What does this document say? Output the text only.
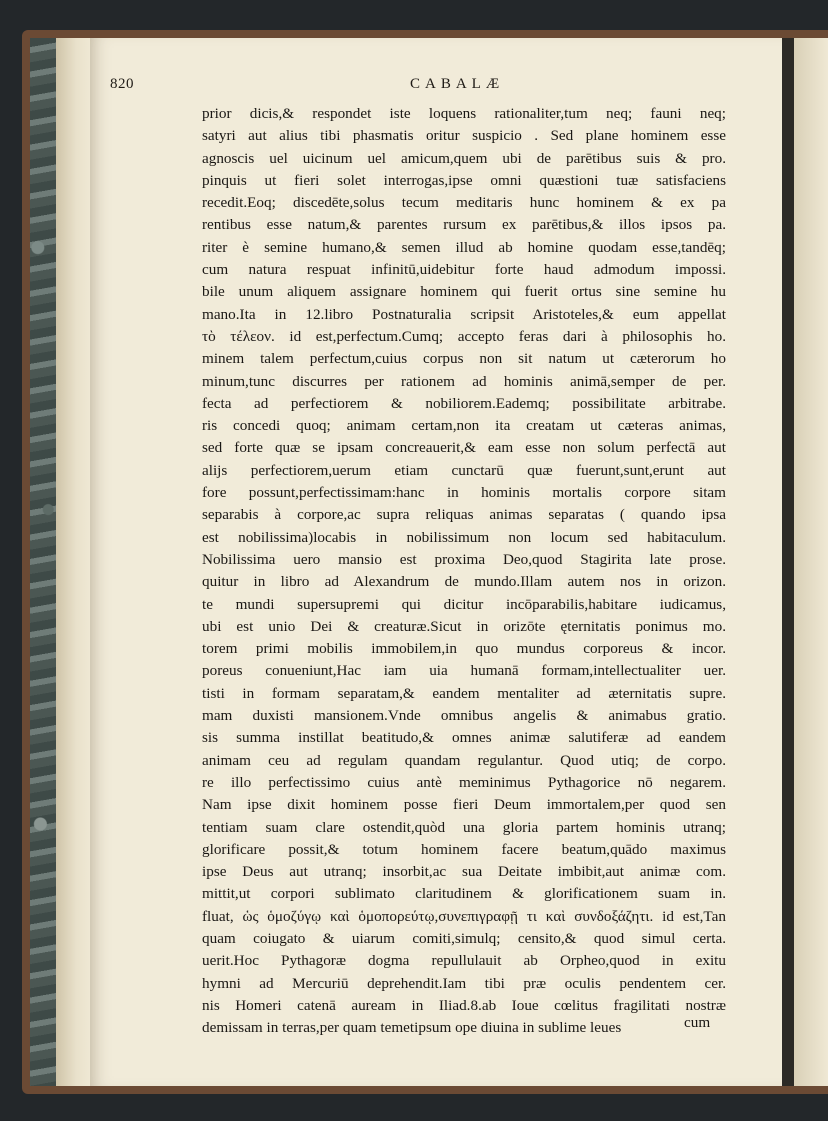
820	CABALÆ
prior dicis,& respondet iste loquens rationaliter,tum neq; fauni neq;
satyri aut alius tibi phasmatis oritur suspicio . Sed plane hominem esse
agnoscis uel uicinum uel amicum,quem ubi de parētibus suis & pro.
pinquis ut fieri solet interrogas,ipse omni quæstioni tuæ satisfaciens
recedit.Eoq; discedēte,solus tecum meditaris hunc hominem & ex pa
rentibus esse natum,& parentes rursum ex parētibus,& illos ipsos pa.
riter è semine humano,& semen illud ab homine quodam esse,tandēq;
cum natura respuat infinitū,uidebitur forte haud admodum impossi.
bile unum aliquem assignare hominem qui fuerit ortus sine semine hu
mano.Ita in 12.libro Postnaturalia scripsit Aristoteles,& eum appellat
τὸ τέλεον. id est,perfectum.Cumq; accepto feras dari à philosophis ho.
minem talem perfectum,cuius corpus non sit natum ut cæterorum ho
minum,tunc discurres per rationem ad hominis animā,semper de per.
fecta ad perfectiorem & nobiliorem.Eademq; possibilitate arbitrabe.
ris concedi quoq; animam certam,non ita creatam ut cæteras animas,
sed forte quæ se ipsam concreauerit,& eam esse non solum perfectā aut
alijs perfectiorem,uerum etiam cunctarū quæ fuerunt,sunt,erunt aut
fore possunt,perfectissimam:hanc in hominis mortalis corpore sitam
separabis à corpore,ac supra reliquas animas separatas ( quando ipsa
est nobilissima)locabis in nobilissimum non locum sed habitaculum.
Nobilissima uero mansio est proxima Deo,quod Stagirita late prose.
quitur in libro ad Alexandrum de mundo.Illam autem nos in orizon.
te mundi supersupremi qui dicitur incōparabilis,habitare iudicamus,
ubi est unio Dei & creaturæ.Sicut in orizōte ęternitatis ponimus mo.
torem primi mobilis immobilem,in quo mundus corporeus & incor.
poreus conueniunt,Hac iam uia humanā formam,intellectualiter uer.
tisti in formam separatam,& eandem mentaliter ad æternitatis supre.
mam duxisti mansionem.Vnde omnibus angelis & animabus gratio.
sis summa instillat beatitudo,& omnes animæ salutiferæ ad eandem
animam ceu ad regulam quandam regulantur. Quod utiq; de corpo.
re illo perfectissimo cuius antè meminimus Pythagorice nō negarem.
Nam ipse dixit hominem posse fieri Deum immortalem,per quod sen
tentiam suam clare ostendit,quòd una gloria partem hominis utranq;
glorificare possit,& totum hominem facere beatum,quādo maximus
ipse Deus aut utranq; insorbit,ac sua Deitate imbibit,aut animæ com.
mittit,ut corpori sublimato claritudinem & glorificationem suam in.
fluat, ὡς ὁμοζύγῳ καὶ ὁμοπορεύτῳ,συνεπιγραφῇ τι καὶ συνδοξάζητι. id est,Tan
quam coiugato & uiarum comiti,simulq; censito,& quod simul certa.
uerit.Hoc Pythagoræ dogma repullulauit ab Orpheo,quod in exitu
hymni ad Mercuriū deprehendit.Iam tibi præ oculis pendentem cer.
nis Homeri catenā auream in Iliad.8.ab Ioue cœlitus fragilitati nostræ
demissam in terras,per quam temetipsum ope diuina in sublime leues	cum
